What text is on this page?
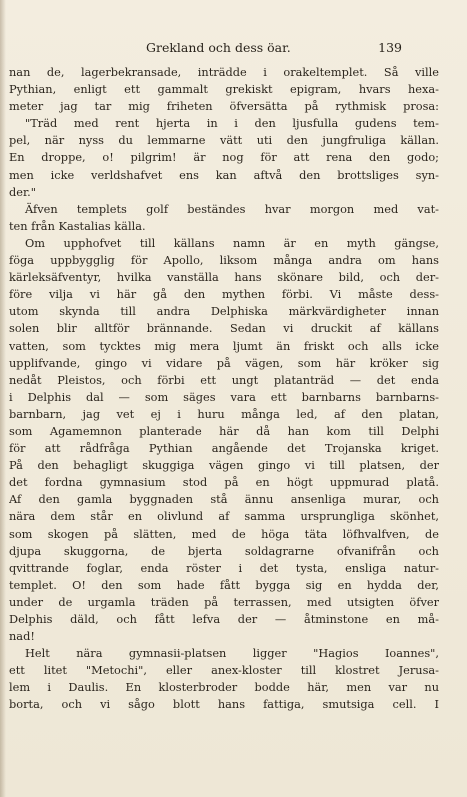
Grekland och dess öar.	139
nan de, lagerbekransade, inträdde i orakeltemplet. Så ville
Pythian, enligt ett gammalt grekiskt epigram, hvars hexa-
meter jag tar mig friheten öfversätta på rythmisk prosa:
"Träd med rent hjerta in i den ljusfulla gudens tem-
pel, när nyss du lemmarne vätt uti den jungfruliga källan.
En droppe, o! pilgrim! är nog för att rena den godo;
men icke verldshafvet ens kan aftvå den brottsliges syn-
der."
Äfven templets golf beständes hvar morgon med vat-
ten från Kastalias källa.
Om upphofvet till källans namn är en myth gängse,
föga uppbygglig för Apollo, liksom många andra om hans
kärleksäfventyr, hvilka vanställa hans skönare bild, och der-
före vilja vi här gå den mythen förbi. Vi måste dess-
utom skynda till andra Delphiska märkvärdigheter innan
solen blir alltför brännande. Sedan vi druckit af källans
vatten, som tycktes mig mera ljumt än friskt och alls icke
upplifvande, gingo vi vidare på vägen, som här kröker sig
nedåt Pleistos, och förbi ett ungt platanträd — det enda
i Delphis dal — som säges vara ett barnbarns barnbarns-
barnbarn, jag vet ej i huru många led, af den platan,
som Agamemnon planterade här då han kom till Delphi
för att rådfråga Pythian angående det Trojanska kriget.
På den behagligt skuggiga vägen gingo vi till platsen, der
det fordna gymnasium stod på en högt uppmurad platå.
Af den gamla byggnaden stå ännu ansenliga murar, och
nära dem står en olivlund af samma ursprungliga skönhet,
som skogen på slätten, med de höga täta löfhvalfven, de
djupa skuggorna, de bjerta soldagrarne ofvanifrån och
qvittrande foglar, enda röster i det tysta, ensliga natur-
templet. O! den som hade fått bygga sig en hydda der,
under de urgamla träden på terrassen, med utsigten öfver
Delphis däld, och fått lefva der — åtminstone en må-
nad!
Helt nära gymnasii-platsen ligger "Hagios Ioannes",
ett litet "Metochi", eller anex-kloster till klostret Jerusa-
lem i Daulis. En klosterbroder bodde här, men var nu
borta, och vi sågo blott hans fattiga, smutsiga cell. I
